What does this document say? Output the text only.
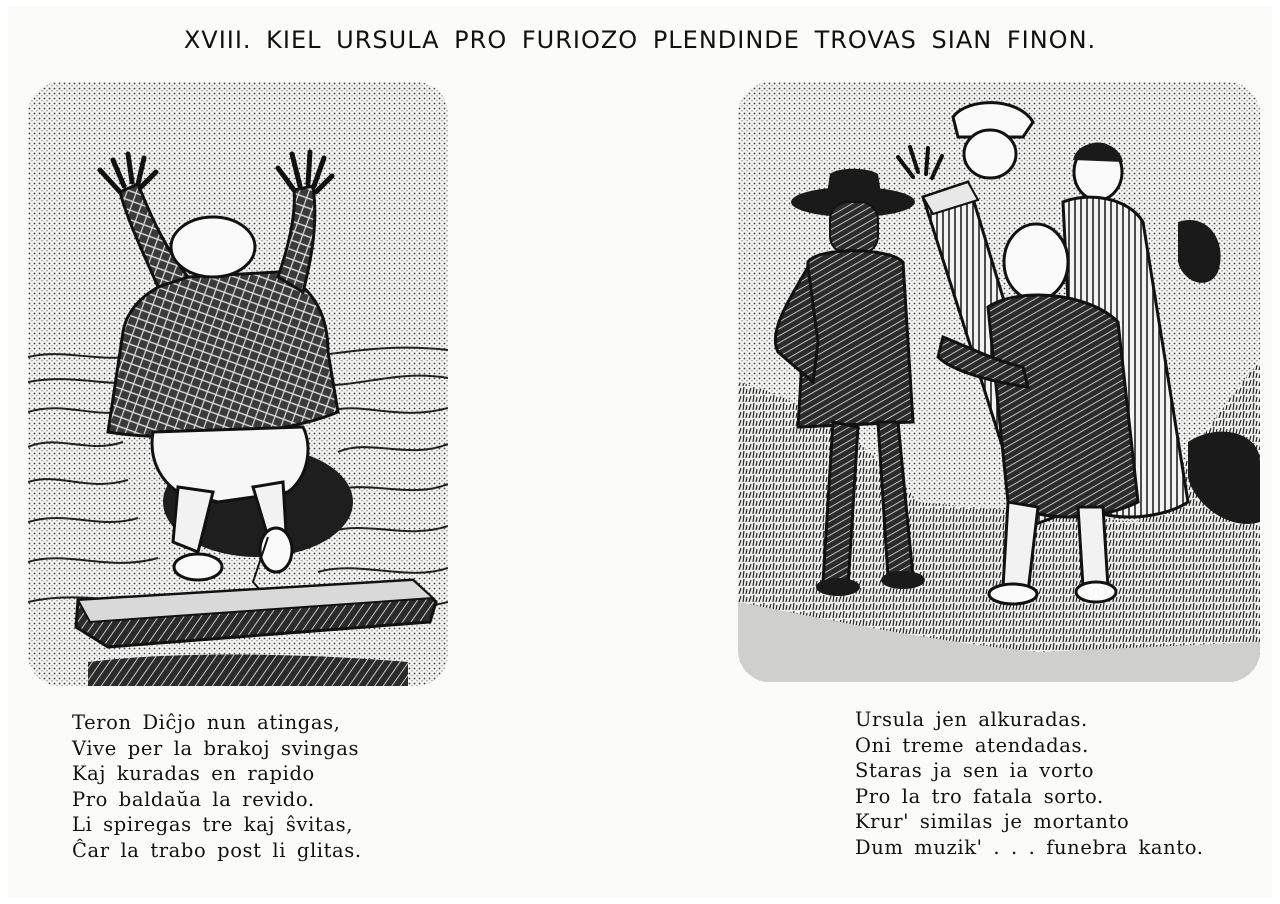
XVIII. KIEL URSULA PRO FURIOZO PLENDINDE TROVAS SIAN FINON.
Teron Diĉjo nun atingas,
Vive per la brakoj svingas
Kaj kuradas en rapido
Pro baldaŭa la revido.
Li spiregas tre kaj ŝvitas,
Ĉar la trabo post li glitas.
Ursula jen alkuradas.
Oni treme atendadas.
Staras ja sen ia vorto
Pro la tro fatala sorto.
Krur' similas je mortanto
Dum muzik' . . . funebra kanto.
